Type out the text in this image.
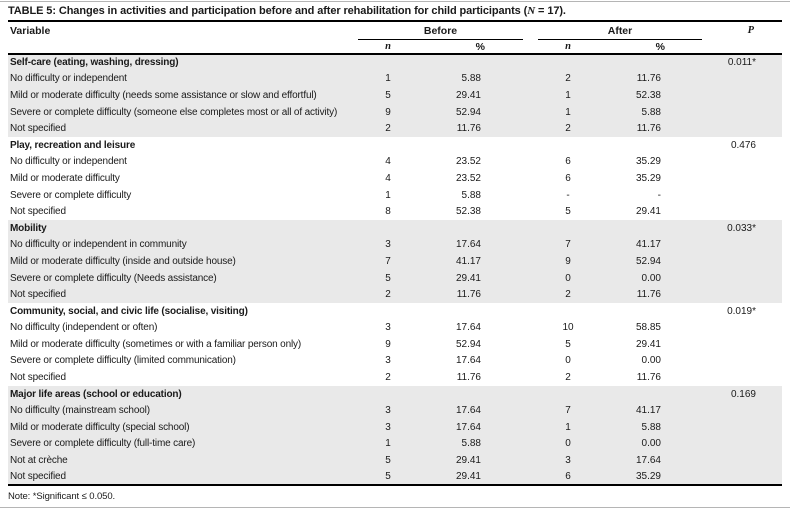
TABLE 5: Changes in activities and participation before and after rehabilitation for child participants (N = 17).
Variable	Before			After		P
	n	%		n	%	
Self-care (eating, washing, dressing)						0.011*
No difficulty or independent	1	5.88		2	11.76	
Mild or moderate difficulty (needs some assistance or slow and effortful)	5	29.41		1	52.38	
Severe or complete difficulty (someone else completes most or all of activity)	9	52.94		1	5.88	
Not specified	2	11.76		2	11.76	
Play, recreation and leisure						0.476
No difficulty or independent	4	23.52		6	35.29	
Mild or moderate difficulty	4	23.52		6	35.29	
Severe or complete difficulty	1	5.88		-	-	
Not specified	8	52.38		5	29.41	
Mobility						0.033*
No difficulty or independent in community	3	17.64		7	41.17	
Mild or moderate difficulty (inside and outside house)	7	41.17		9	52.94	
Severe or complete difficulty (Needs assistance)	5	29.41		0	0.00	
Not specified	2	11.76		2	11.76	
Community, social, and civic life (socialise, visiting)						0.019*
No difficulty (independent or often)	3	17.64		10	58.85	
Mild or moderate difficulty (sometimes or with a familiar person only)	9	52.94		5	29.41	
Severe or complete difficulty (limited communication)	3	17.64		0	0.00	
Not specified	2	11.76		2	11.76	
Major life areas (school or education)						0.169
No difficulty (mainstream school)	3	17.64		7	41.17	
Mild or moderate difficulty (special school)	3	17.64		1	5.88	
Severe or complete difficulty (full-time care)	1	5.88		0	0.00	
Not at crèche	5	29.41		3	17.64	
Not specified	5	29.41		6	35.29	
Note: *Significant ≤ 0.050.
